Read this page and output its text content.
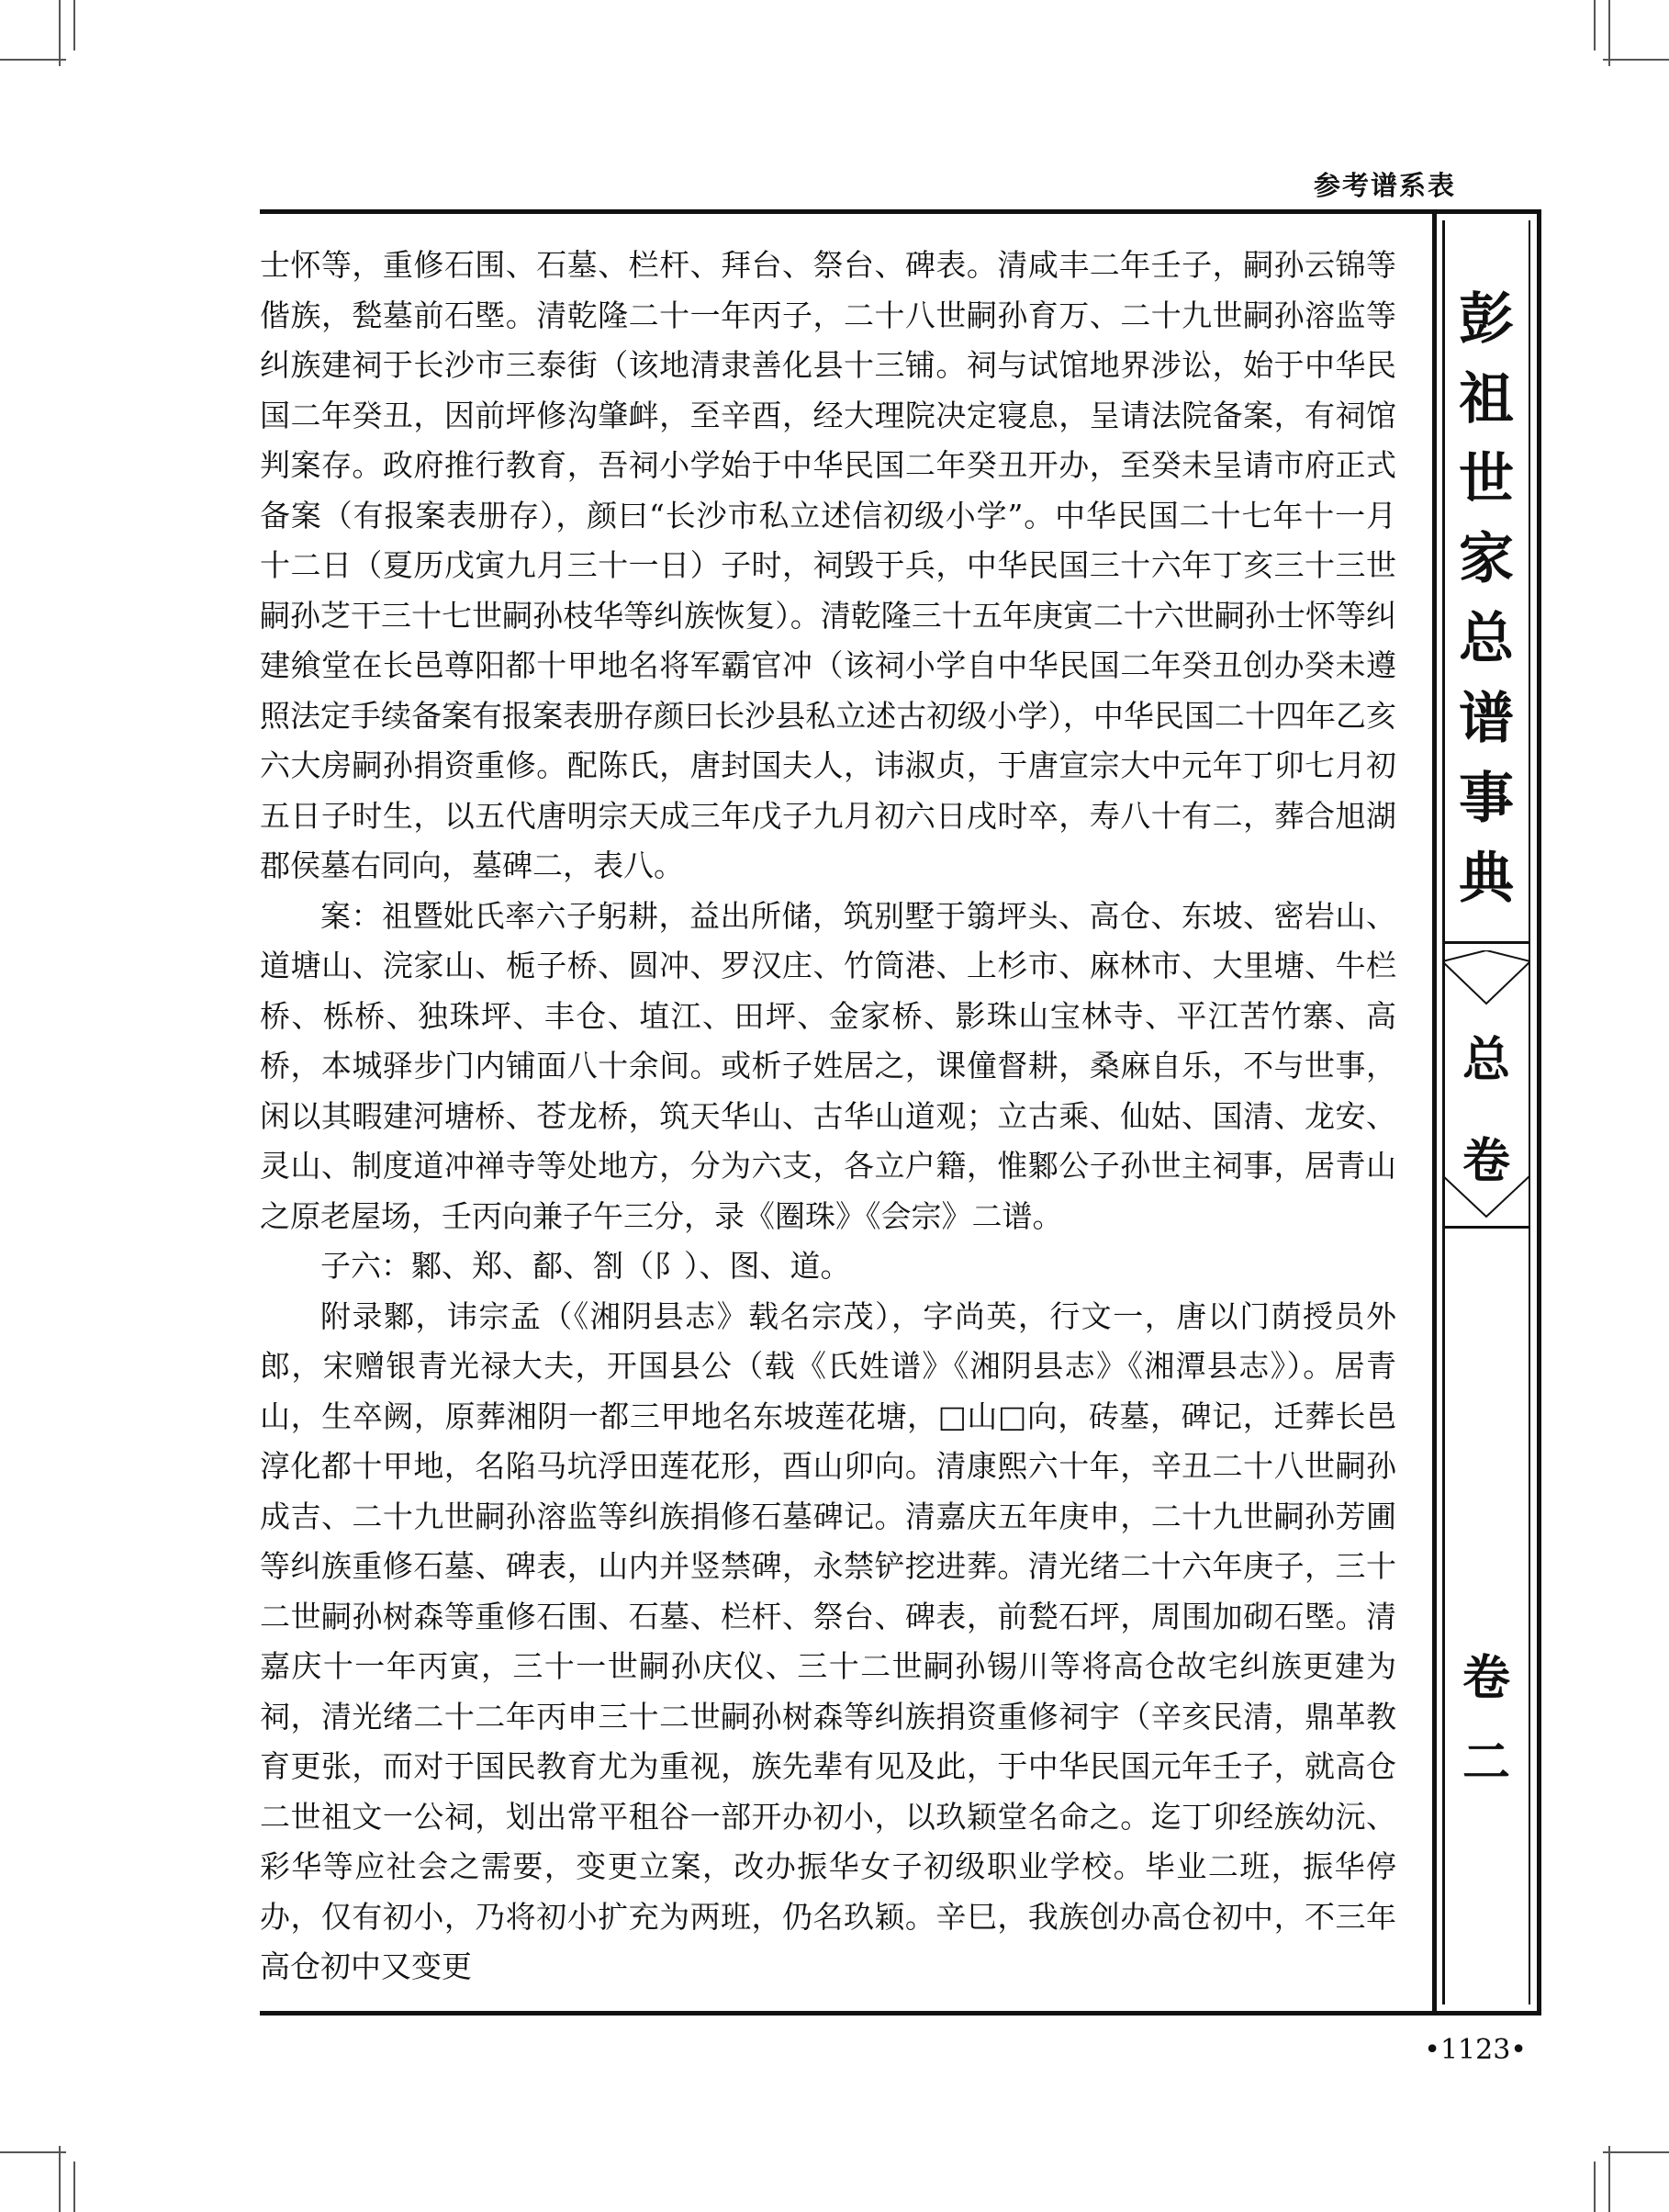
参考谱系表
彭
祖
世
家
总
谱
事
典
总
卷
卷
二

士怀等，重修石围、石墓、栏杆、拜台、祭台、碑表。清咸丰二年壬子，嗣孙云锦等偕族，甃墓前石塈。清乾隆二十一年丙子，二十八世嗣孙育万、二十九世嗣孙溶监等纠族建祠于长沙市三泰街（该地清隶善化县十三铺。祠与试馆地界涉讼，始于中华民国二年癸丑，因前坪修沟肇衅，至辛酉，经大理院决定寝息，呈请法院备案，有祠馆判案存。政府推行教育，吾祠小学始于中华民国二年癸丑开办，至癸未呈请市府正式备案（有报案表册存），颜曰“长沙市私立述信初级小学”。中华民国二十七年十一月十二日（夏历戊寅九月三十一日）子时，祠毁于兵，中华民国三十六年丁亥三十三世嗣孙芝干三十七世嗣孙枝华等纠族恢复）。清乾隆三十五年庚寅二十六世嗣孙士怀等纠建飨堂在长邑尊阳都十甲地名将军霸官冲（该祠小学自中华民国二年癸丑创办癸未遵照法定手续备案有报案表册存颜曰长沙县私立述古初级小学），中华民国二十四年乙亥六大房嗣孙捐资重修。配陈氏，唐封国夫人，讳淑贞，于唐宣宗大中元年丁卯七月初五日子时生，以五代唐明宗天成三年戊子九月初六日戌时卒，寿八十有二，葬合旭湖郡侯墓右同向，墓碑二，表八。

案：祖暨妣氏率六子躬耕，益出所储，筑别墅于篛坪头、高仓、东坡、密岩山、道塘山、浣家山、栀子桥、圆冲、罗汉庄、竹筒港、上杉市、麻林市、大里塘、牛栏桥、栎桥、独珠坪、丰仓、埴江、田坪、金家桥、影珠山宝林寺、平江苦竹寨、高桥，本城驿步门内铺面八十余间。或析子姓居之，课僮督耕，桑麻自乐，不与世事，闲以其暇建河塘桥、苍龙桥，筑天华山、古华山道观；立古乘、仙姑、国清、龙安、灵山、制度道冲禅寺等处地方，分为六支，各立户籍，惟鄹公子孙世主祠事，居青山之原老屋场，壬丙向兼子午三分，录《圈珠》《会宗》二谱。

子六：鄹、郑、鄐、劄（阝）、图、道。

附录鄹，讳宗孟（《湘阴县志》载名宗茂），字尚英，行文一，唐以门荫授员外郎，宋赠银青光禄大夫，开国县公（载《氏姓谱》《湘阴县志》《湘潭县志》）。居青山，生卒阙，原葬湘阴一都三甲地名东坡莲花塘，□山□向，砖墓，碑记，迁葬长邑淳化都十甲地，名陷马坑浮田莲花形，酉山卯向。清康熙六十年，辛丑二十八世嗣孙成吉、二十九世嗣孙溶监等纠族捐修石墓碑记。清嘉庆五年庚申，二十九世嗣孙芳圃等纠族重修石墓、碑表，山内并竖禁碑，永禁铲挖进葬。清光绪二十六年庚子，三十二世嗣孙树森等重修石围、石墓、栏杆、祭台、碑表，前甃石坪，周围加砌石塈。清嘉庆十一年丙寅，三十一世嗣孙庆仪、三十二世嗣孙锡川等将高仓故宅纠族更建为祠，清光绪二十二年丙申三十二世嗣孙树森等纠族捐资重修祠宇（辛亥民清，鼎革教育更张，而对于国民教育尤为重视，族先辈有见及此，于中华民国元年壬子，就高仓二世祖文一公祠，划出常平租谷一部开办初小，以玖颖堂名命之。迄丁卯经族幼沅、彩华等应社会之需要，变更立案，改办振华女子初级职业学校。毕业二班，振华停办，仅有初小，乃将初小扩充为两班，仍名玖颖。辛巳，我族创办高仓初中，不三年高仓初中又变更

•1123•
